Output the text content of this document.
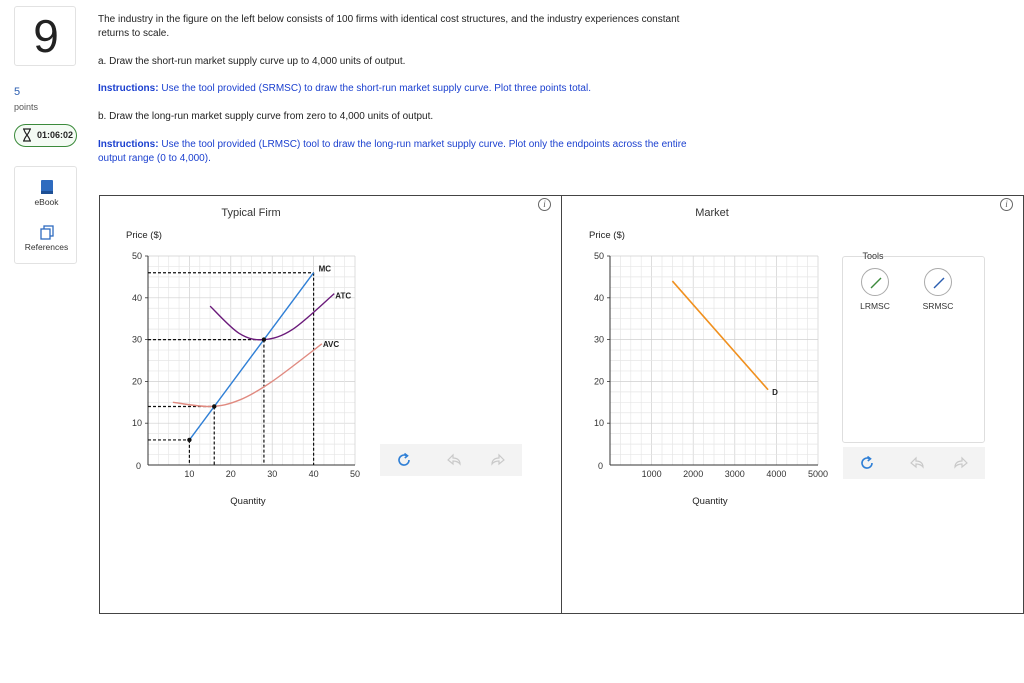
9
5
points
01:06:02
eBook
References
The industry in the figure on the left below consists of 100 firms with identical cost structures, and the industry experiences constant
returns to scale.
a. Draw the short-run market supply curve up to 4,000 units of output.
Instructions: Use the tool provided (SRMSC) to draw the short-run market supply curve. Plot three points total.
b. Draw the long-run market supply curve from zero to 4,000 units of output.
Instructions: Use the tool provided (LRMSC) tool to draw the long-run market supply curve. Plot only the endpoints across the entire
output range (0 to 4,000).
i	i
Typical Firm
Price ($)
Quantity
50
40
30
20
10
10	20	30	40	50
0
MC
ATC
AVC
Market
Price ($)
Quantity
50
40
30
20
10
1000 2000 3000 4000 5000
0
D
Tools
LRMSC	SRMSC
